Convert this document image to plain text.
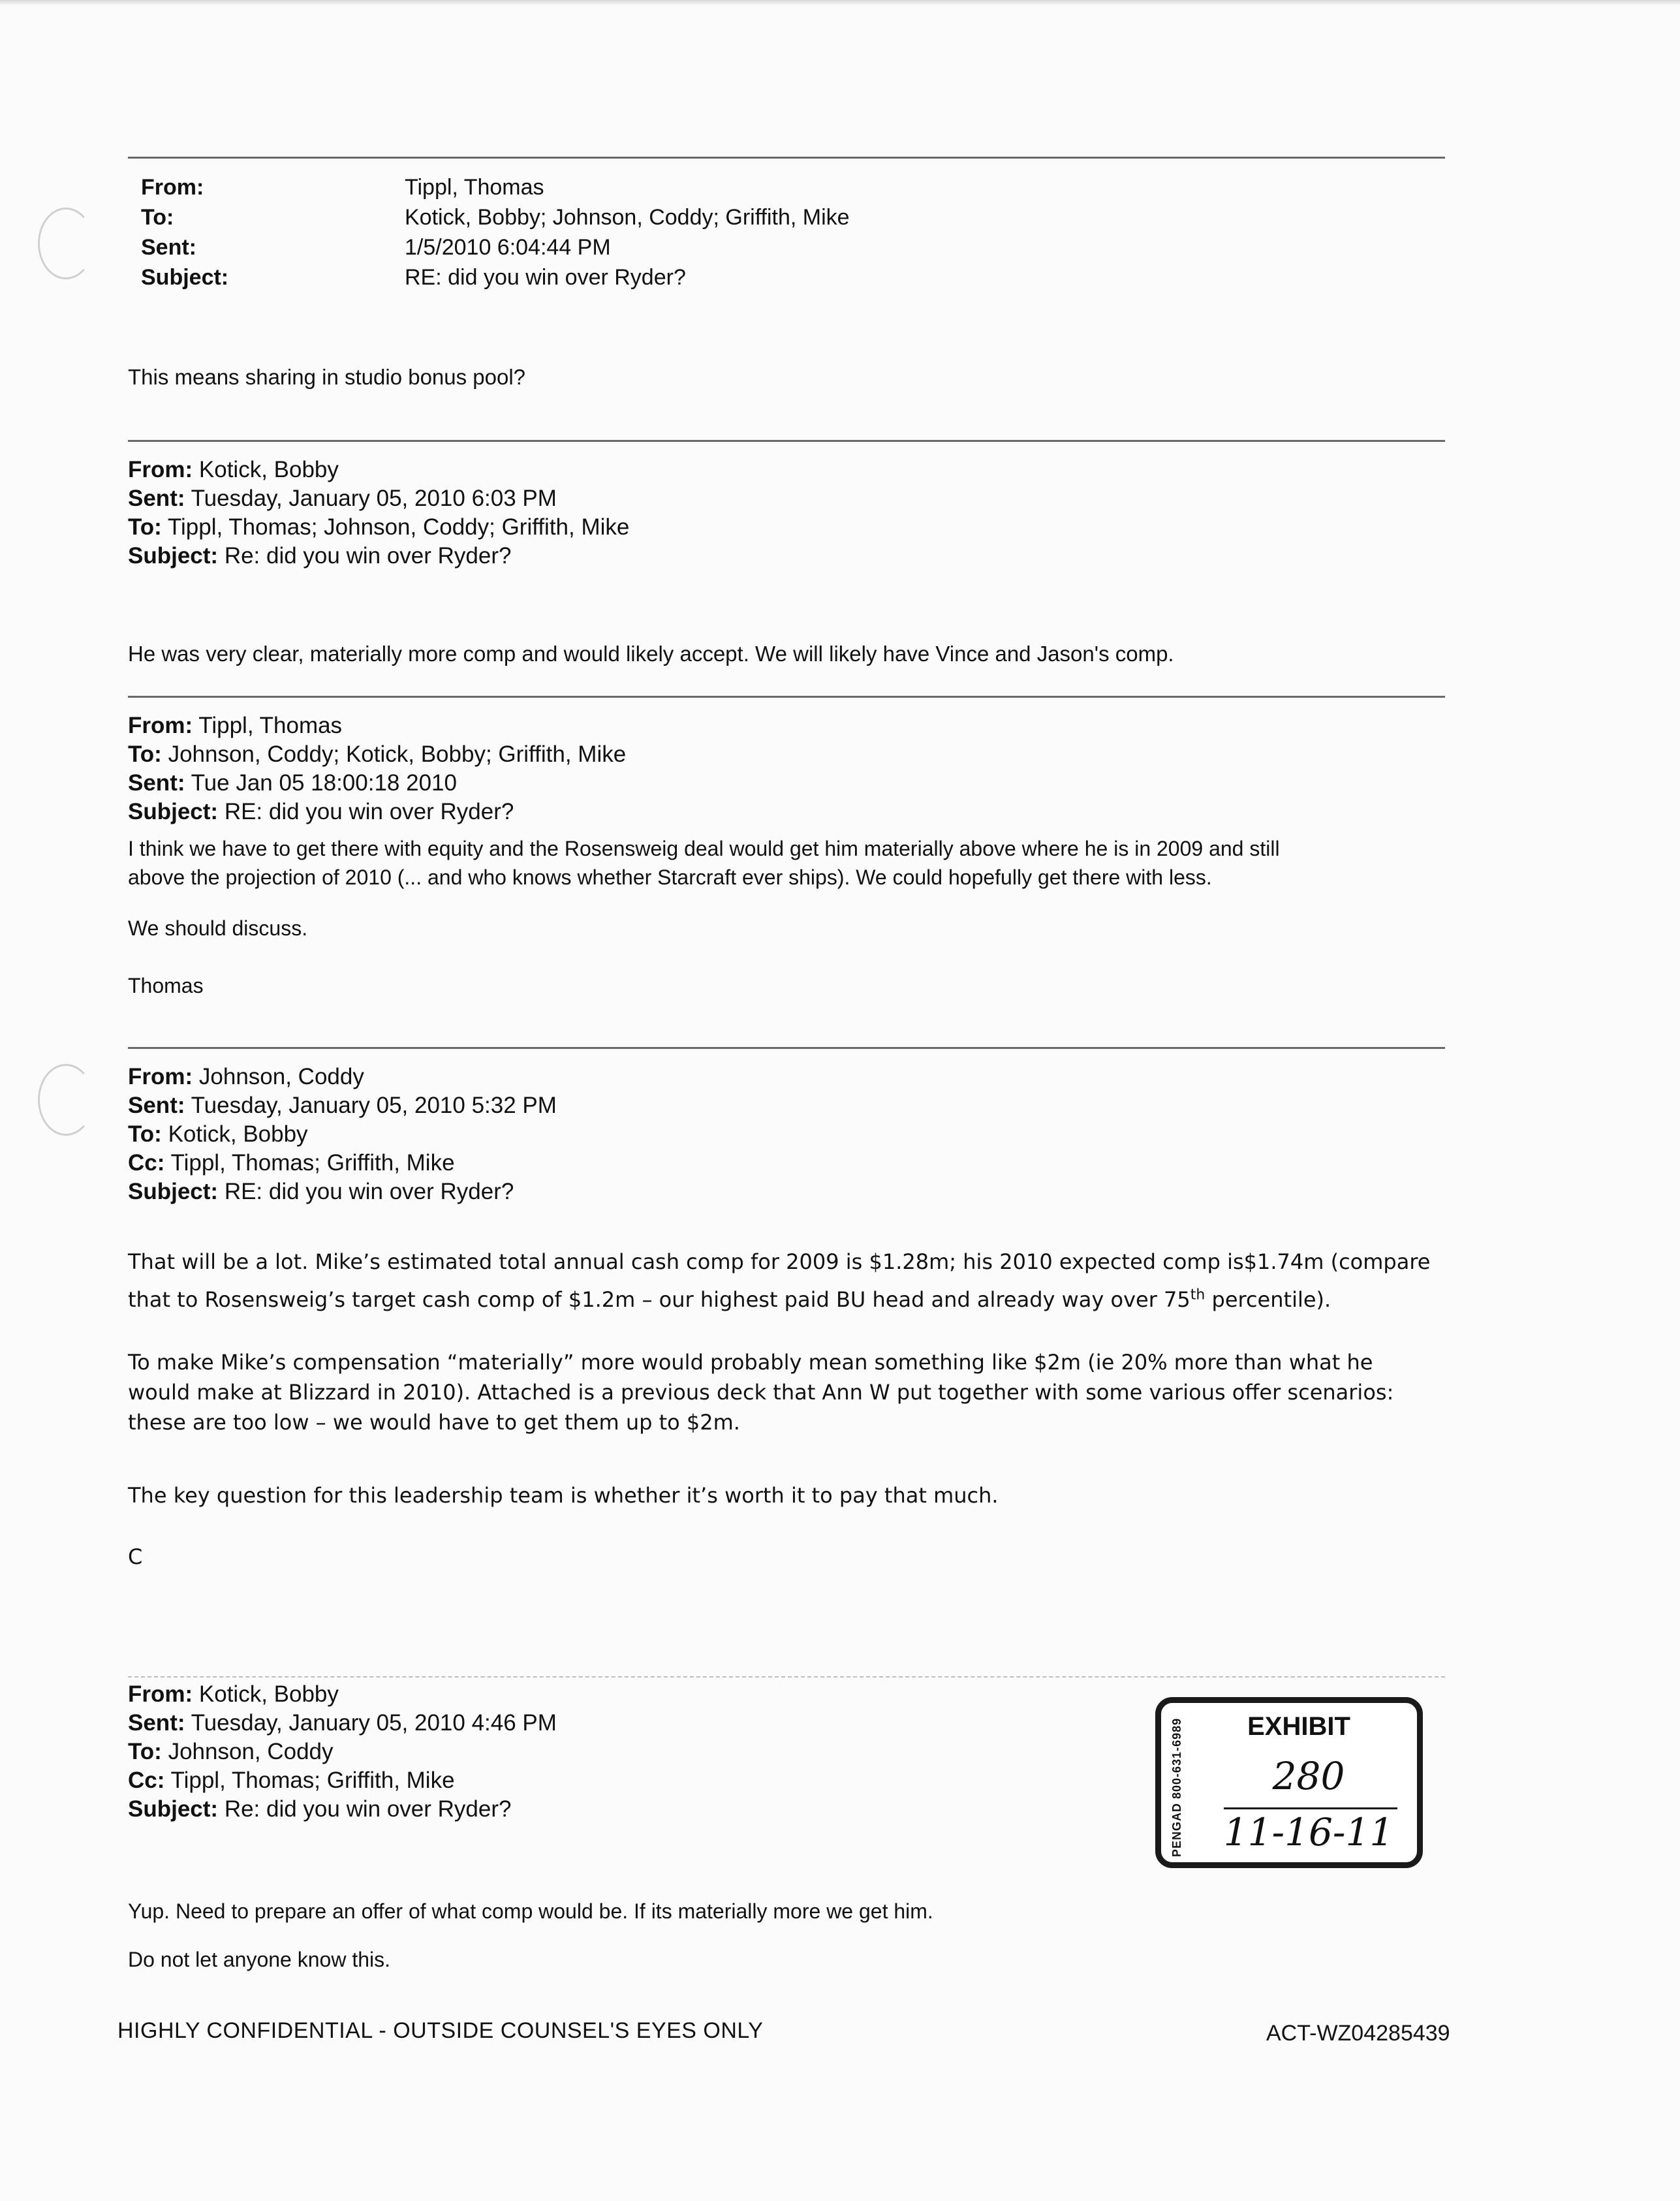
From:	Tippl, Thomas
To:	Kotick, Bobby; Johnson, Coddy; Griffith, Mike
Sent:	1/5/2010 6:04:44 PM
Subject:	RE: did you win over Ryder?
This means sharing in studio bonus pool?
From: Kotick, Bobby
Sent: Tuesday, January 05, 2010 6:03 PM
To: Tippl, Thomas; Johnson, Coddy; Griffith, Mike
Subject: Re: did you win over Ryder?
He was very clear, materially more comp and would likely accept. We will likely have Vince and Jason's comp.
From: Tippl, Thomas
To: Johnson, Coddy; Kotick, Bobby; Griffith, Mike
Sent: Tue Jan 05 18:00:18 2010
Subject: RE: did you win over Ryder?
I think we have to get there with equity and the Rosensweig deal would get him materially above where he is in 2009 and still
above the projection of 2010 (... and who knows whether Starcraft ever ships). We could hopefully get there with less.
We should discuss.
Thomas
From: Johnson, Coddy
Sent: Tuesday, January 05, 2010 5:32 PM
To: Kotick, Bobby
Cc: Tippl, Thomas; Griffith, Mike
Subject: RE: did you win over Ryder?
That will be a lot. Mike’s estimated total annual cash comp for 2009 is $1.28m; his 2010 expected comp is$1.74m (compare
that to Rosensweig’s target cash comp of $1.2m – our highest paid BU head and already way over 75th percentile).
To make Mike’s compensation “materially” more would probably mean something like $2m (ie 20% more than what he
would make at Blizzard in 2010). Attached is a previous deck that Ann W put together with some various offer scenarios:
these are too low – we would have to get them up to $2m.
The key question for this leadership team is whether it’s worth it to pay that much.
C
From: Kotick, Bobby
Sent: Tuesday, January 05, 2010 4:46 PM
To: Johnson, Coddy
Cc: Tippl, Thomas; Griffith, Mike
Subject: Re: did you win over Ryder?
Yup. Need to prepare an offer of what comp would be. If its materially more we get him.
Do not let anyone know this.
PENGAD 800-631-6989	EXHIBIT
280
11-16-11
HIGHLY CONFIDENTIAL - OUTSIDE COUNSEL'S EYES ONLY	ACT-WZ04285439
